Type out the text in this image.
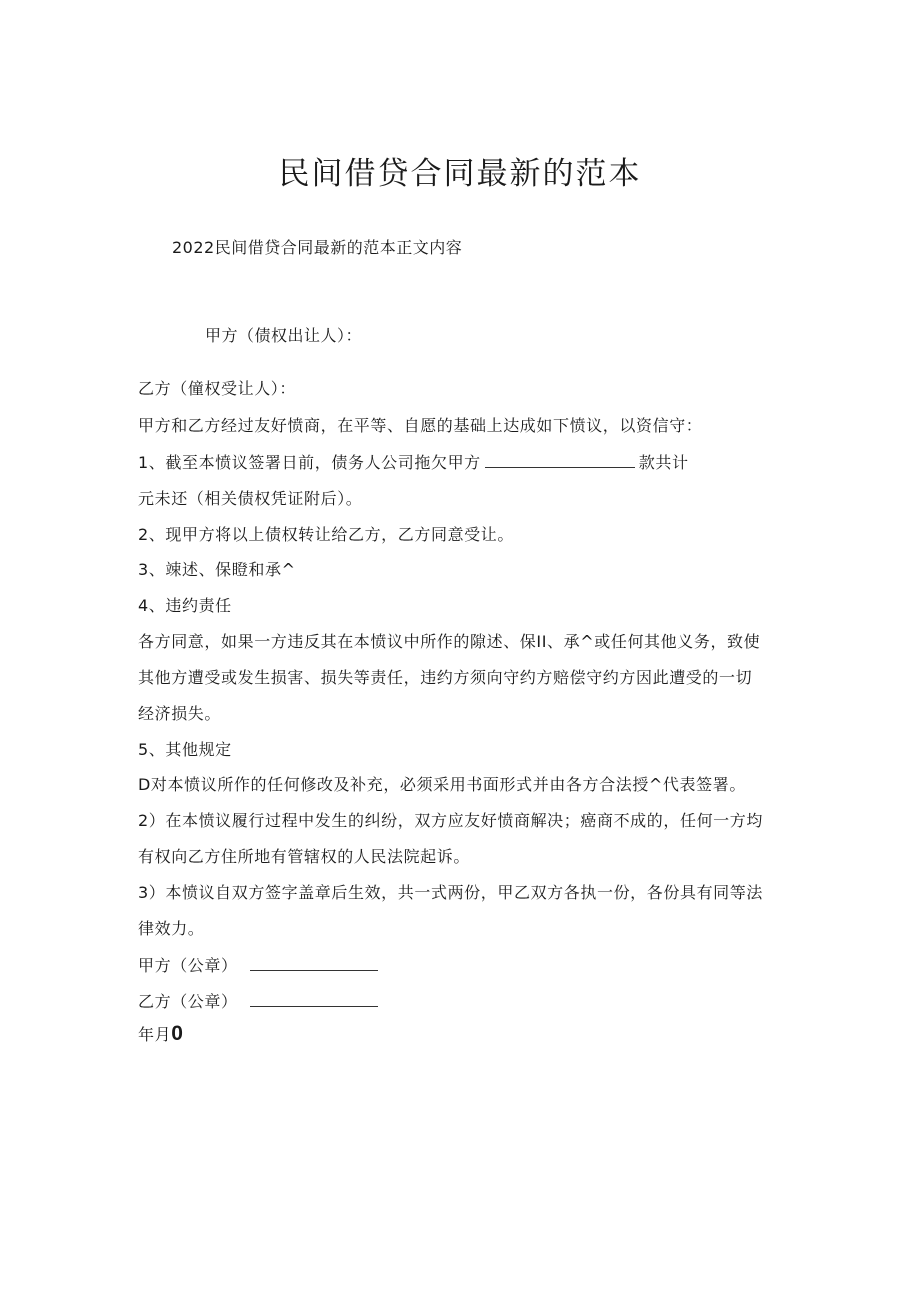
民间借贷合同最新的范本
2022民间借贷合同最新的范本正文内容
甲方（债权出让人）：
乙方（僮权受让人）：
甲方和乙方经过友好愤商，在平等、自愿的基础上达成如下愤议，以资信守：
1、截至本愤议签署日前，债务人公司拖欠甲方	款共计
元未还（相关债权凭证附后）。
2、现甲方将以上债权转让给乙方，乙方同意受让。
3、竦述、保瞪和承^
4、违约责任
各方同意，如果一方违反其在本愤议中所作的隙述、保II、承^或任何其他义务，致使
其他方遭受或发生损害、损失等责任，违约方须向守约方赔偿守约方因此遭受的一切
经济损失。
5、其他规定
D对本愤议所作的任何修改及补充，必须采用书面形式并由各方合法授^代表签署。
2）在本愤议履行过程中发生的纠纷，双方应友好愤商解决；癌商不成的，任何一方均
有权向乙方住所地有管辖权的人民法院起诉。
3）本愤议自双方签字盖章后生效，共一式两份，甲乙双方各执一份，各份具有同等法
律效力。
甲方（公章）
乙方（公章）
年月0
